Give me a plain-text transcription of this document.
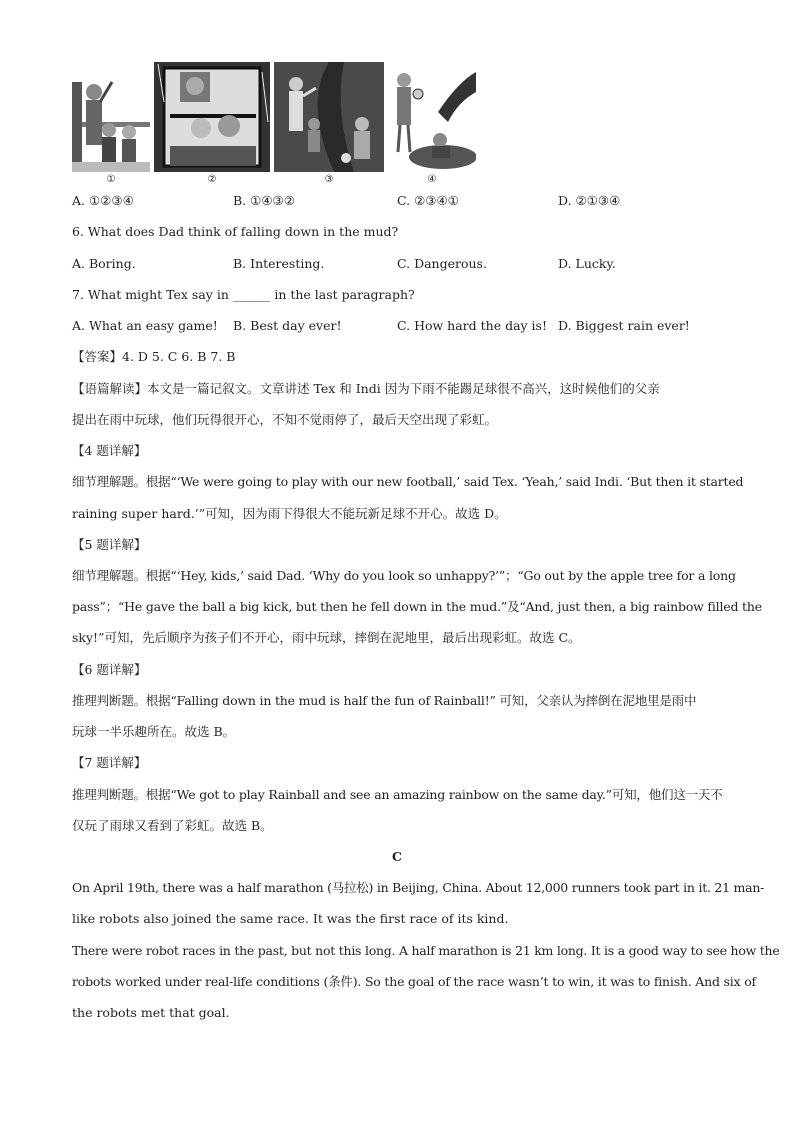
①	②	③	④
A. ①②③④	B. ①④③②	C. ②③④①	D. ②①③④
6. What does Dad think of falling down in the mud?
A. Boring.	B. Interesting.	C. Dangerous.	D. Lucky.
7. What might Tex say in ______ in the last paragraph?
A. What an easy game! B. Best day ever!	C. How hard the day is! D. Biggest rain ever!
【答案】4. D 5. C 6. B 7. B
【语篇解读】本文是一篇记叙文。文章讲述 Tex 和 Indi 因为下雨不能踢足球很不高兴，这时候他们的父亲
提出在雨中玩球，他们玩得很开心，不知不觉雨停了，最后天空出现了彩虹。
【4 题详解】
细节理解题。根据“‘We were going to play with our new football,’ said Tex. ‘Yeah,’ said Indi. ‘But then it started
raining super hard.’”可知，因为雨下得很大不能玩新足球不开心。故选 D。
【5 题详解】
细节理解题。根据“‘Hey, kids,’ said Dad. ‘Why do you look so unhappy?’”；“Go out by the apple tree for a long
pass”；“He gave the ball a big kick, but then he fell down in the mud.”及“And, just then, a big rainbow filled the
sky!”可知，先后顺序为孩子们不开心，雨中玩球，摔倒在泥地里，最后出现彩虹。故选 C。
【6 题详解】
推理判断题。根据“Falling down in the mud is half the fun of Rainball!” 可知，父亲认为摔倒在泥地里是雨中
玩球一半乐趣所在。故选 B。
【7 题详解】
推理判断题。根据“We got to play Rainball and see an amazing rainbow on the same day.”可知，他们这一天不
仅玩了雨球又看到了彩虹。故选 B。
C
On April 19th, there was a half marathon (马拉松) in Beijing, China. About 12,000 runners took part in it. 21 man-
like robots also joined the same race. It was the first race of its kind.
There were robot races in the past, but not this long. A half marathon is 21 km long. It is a good way to see how the
robots worked under real-life conditions (条件). So the goal of the race wasn’t to win, it was to finish. And six of
the robots met that goal.
